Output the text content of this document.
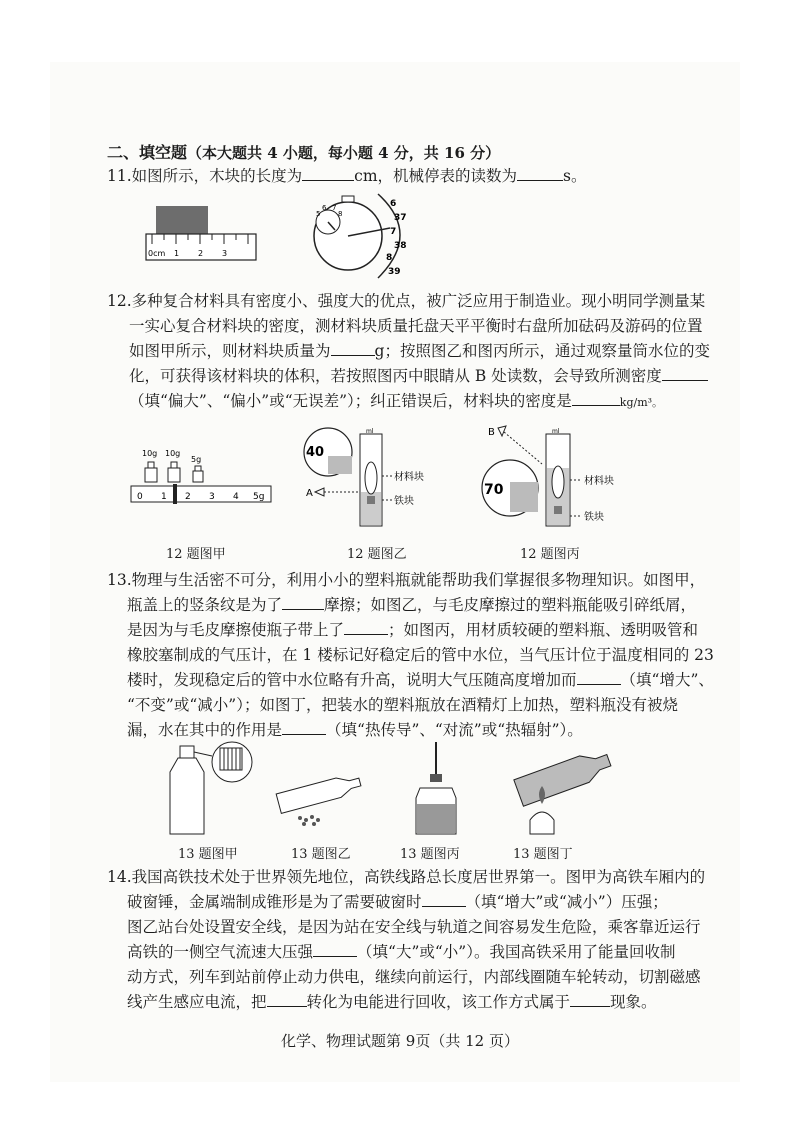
二、填空题（本大题共 4 小题，每小题 4 分，共 16 分）
11.如图所示，木块的长度为	cm，机械停表的读数为	s。
0cm 1 2 3
5
6 7
8
6
37
7
38
8
39
12.多种复合材料具有密度小、强度大的优点，被广泛应用于制造业。现小明同学测量某
一实心复合材料块的密度，测材料块质量托盘天平平衡时右盘所加砝码及游码的位置
如图甲所示，则材料块质量为	g；按照图乙和图丙所示，通过观察量筒水位的变
化，可获得该材料块的体积，若按照图丙中眼睛从 B 处读数，会导致所测密度
（填“偏大”、“偏小”或“无误差”）；纠正错误后，材料块的密度是	kg/m³。
10g 10g
5g
0 1 2 3 4 5g
40
ml
材料块
铁块
A
B
70
ml
材料块
铁块
12 题图甲	12 题图乙	12 题图丙
13.物理与生活密不可分，利用小小的塑料瓶就能帮助我们掌握很多物理知识。如图甲，
瓶盖上的竖条纹是为了	摩擦；如图乙，与毛皮摩擦过的塑料瓶能吸引碎纸屑，
是因为与毛皮摩擦使瓶子带上了	；如图丙，用材质较硬的塑料瓶、透明吸管和
橡胶塞制成的气压计，在 1 楼标记好稳定后的管中水位，当气压计位于温度相同的 23
楼时，发现稳定后的管中水位略有升高，说明大气压随高度增加而	（填“增大”、
“不变”或“减小”）；如图丁，把装水的塑料瓶放在酒精灯上加热，塑料瓶没有被烧
漏，水在其中的作用是	（填“热传导”、“对流”或“热辐射”）。
13 题图甲	13 题图乙	13 题图丙	13 题图丁
14.我国高铁技术处于世界领先地位，高铁线路总长度居世界第一。图甲为高铁车厢内的
破窗锤，金属端制成锥形是为了需要破窗时	（填“增大”或“减小”）压强；
图乙站台处设置安全线，是因为站在安全线与轨道之间容易发生危险，乘客靠近运行
高铁的一侧空气流速大压强	（填“大”或“小”）。我国高铁采用了能量回收制
动方式，列车到站前停止动力供电，继续向前运行，内部线圈随车轮转动，切割磁感
线产生感应电流，把	转化为电能进行回收，该工作方式属于	现象。
化学、物理试题第 9页（共 12 页）
